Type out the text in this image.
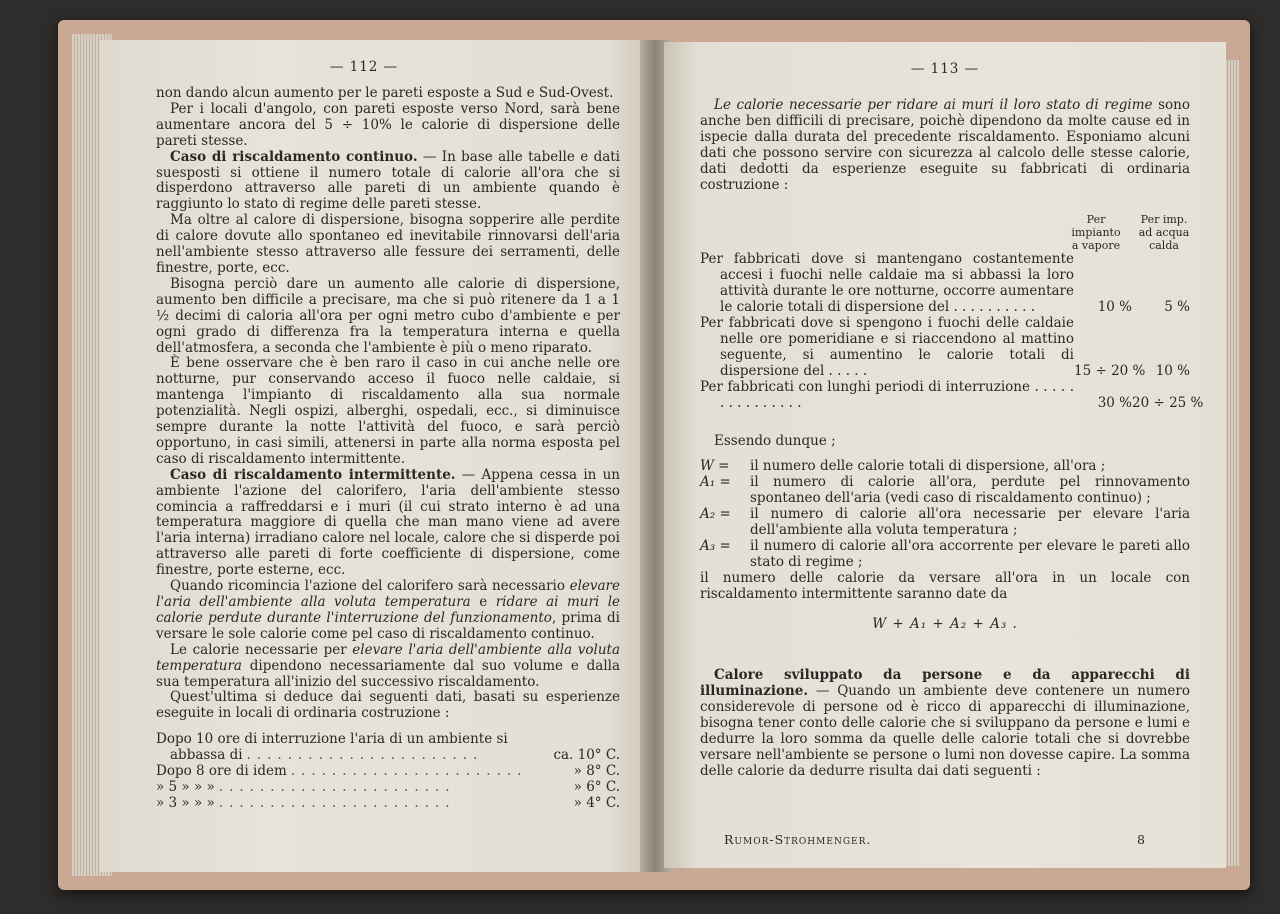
— 112 —

non dando alcun aumento per le pareti esposte a Sud e Sud-Ovest.

Per i locali d'angolo, con pareti esposte verso Nord, sarà bene aumentare ancora del 5 ÷ 10% le calorie di dispersione delle pareti stesse.

Caso di riscaldamento continuo. — In base alle tabelle e dati suesposti si ottiene il numero totale di calorie all'ora che si disperdono attraverso alle pareti di un ambiente quando è raggiunto lo stato di regime delle pareti stesse.

Ma oltre al calore di dispersione, bisogna sopperire alle perdite di calore dovute allo spontaneo ed inevitabile rinnovarsi dell'aria nell'ambiente stesso attraverso alle fessure dei serramenti, delle finestre, porte, ecc.

Bisogna perciò dare un aumento alle calorie di dispersione, aumento ben difficile a precisare, ma che si può ritenere da 1 a 1 ½ decimi di caloria all'ora per ogni metro cubo d'ambiente e per ogni grado di differenza fra la temperatura interna e quella dell'atmosfera, a seconda che l'ambiente è più o meno riparato.

È bene osservare che è ben raro il caso in cui anche nelle ore notturne, pur conservando acceso il fuoco nelle caldaie, si mantenga l'impianto di riscaldamento alla sua normale potenzialità. Negli ospizi, alberghi, ospedali, ecc., si diminuisce sempre durante la notte l'attività del fuoco, e sarà perciò opportuno, in casi simili, attenersi in parte alla norma esposta pel caso di riscaldamento intermittente.

Caso di riscaldamento intermittente. — Appena cessa in un ambiente l'azione del calorifero, l'aria dell'ambiente stesso comincia a raffreddarsi e i muri (il cui strato interno è ad una temperatura maggiore di quella che man mano viene ad avere l'aria interna) irradiano calore nel locale, calore che si disperde poi attraverso alle pareti di forte coefficiente di dispersione, come finestre, porte esterne, ecc.

Quando ricomincia l'azione del calorifero sarà necessario elevare l'aria dell'ambiente alla voluta temperatura e ridare ai muri le calorie perdute durante l'interruzione del funzionamento, prima di versare le sole calorie come pel caso di riscaldamento continuo.

Le calorie necessarie per elevare l'aria dell'ambiente alla voluta temperatura dipendono necessariamente dal suo volume e dalla sua temperatura all'inizio del successivo riscaldamento.

Quest'ultima si deduce dai seguenti dati, basati su esperienze eseguite in locali di ordinaria costruzione :

Dopo 10 ore di interruzione l'aria di un ambiente si

abbassa di .......................	ca. 10° C.
Dopo 8 ore di idem .......................	» 8° C.
» 5 » » » .......................	» 6° C.
» 3 » » » .......................	» 4° C.
— 113 —

Le calorie necessarie per ridare ai muri il loro stato di regime sono anche ben difficili di precisare, poichè dipendono da molte cause ed in ispecie dalla durata del precedente riscaldamento. Esponiamo alcuni dati che possono servire con sicurezza al calcolo delle stesse calorie, dati dedotti da esperienze eseguite su fabbricati di ordinaria costruzione :

Per impianto a vapore
Per imp. ad acqua calda
Per fabbricati dove si mantengano costantemente accesi i fuochi nelle caldaie ma si abbassi la loro attività durante le ore notturne, occorre aumentare le calorie totali di dispersione del . . . . . . . . . .	10 %	5 %
Per fabbricati dove si spengono i fuochi delle caldaie nelle ore pomeridiane e si riaccendono al mattino seguente, si aumentino le calorie totali di dispersione del . . . . .	15 ÷ 20 % 10 %
Per fabbricati con lunghi periodi di interruzione . . . . . . . . . . . . . . .	30 % 20 ÷ 25 %

Essendo dunque ;

W =	il numero delle calorie totali di dispersione, all'ora ;
A₁ =	il numero di calorie all'ora, perdute pel rinnovamento spontaneo dell'aria (vedi caso di riscaldamento continuo) ;
A₂ =	il numero di calorie all'ora necessarie per elevare l'aria dell'ambiente alla voluta temperatura ;
A₃ =	il numero di calorie all'ora accorrente per elevare le pareti allo stato di regime ;

il numero delle calorie da versare all'ora in un locale con riscaldamento intermittente saranno date da

W + A₁ + A₂ + A₃ .

Calore sviluppato da persone e da apparecchi di illuminazione. — Quando un ambiente deve contenere un numero considerevole di persone od è ricco di apparecchi di illuminazione, bisogna tener conto delle calorie che si sviluppano da persone e lumi e dedurre la loro somma da quelle delle calorie totali che si dovrebbe versare nell'ambiente se persone o lumi non dovesse capire. La somma delle calorie da dedurre risulta dai dati seguenti :

Rumor-Strohmenger.	8
